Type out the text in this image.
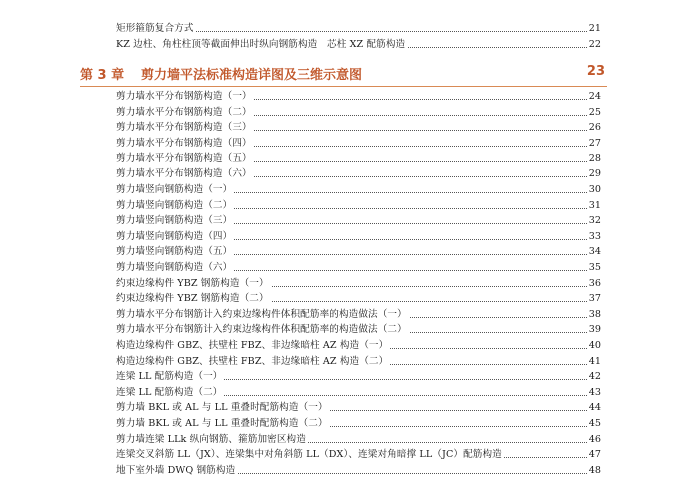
矩形箍筋复合方式	21
KZ 边柱、角柱柱顶等截面伸出时纵向钢筋构造　芯柱 XZ 配筋构造	22
第 3 章 剪力墙平法标准构造详图及三维示意图	23
剪力墙水平分布钢筋构造（一）	24
剪力墙水平分布钢筋构造（二）	25
剪力墙水平分布钢筋构造（三）	26
剪力墙水平分布钢筋构造（四）	27
剪力墙水平分布钢筋构造（五）	28
剪力墙水平分布钢筋构造（六）	29
剪力墙竖向钢筋构造（一）	30
剪力墙竖向钢筋构造（二）	31
剪力墙竖向钢筋构造（三）	32
剪力墙竖向钢筋构造（四）	33
剪力墙竖向钢筋构造（五）	34
剪力墙竖向钢筋构造（六）	35
约束边缘构件 YBZ 钢筋构造（一）	36
约束边缘构件 YBZ 钢筋构造（二）	37
剪力墙水平分布钢筋计入约束边缘构件体积配筋率的构造做法（一）	38
剪力墙水平分布钢筋计入约束边缘构件体积配筋率的构造做法（二）	39
构造边缘构件 GBZ、扶壁柱 FBZ、非边缘暗柱 AZ 构造（一）	40
构造边缘构件 GBZ、扶壁柱 FBZ、非边缘暗柱 AZ 构造（二）	41
连梁 LL 配筋构造（一）	42
连梁 LL 配筋构造（二）	43
剪力墙 BKL 或 AL 与 LL 重叠时配筋构造（一）	44
剪力墙 BKL 或 AL 与 LL 重叠时配筋构造（二）	45
剪力墙连梁 LLk 纵向钢筋、箍筋加密区构造	46
连梁交叉斜筋 LL（JX）、连梁集中对角斜筋 LL（DX）、连梁对角暗撑 LL（JC）配筋构造	47
地下室外墙 DWQ 钢筋构造	48
